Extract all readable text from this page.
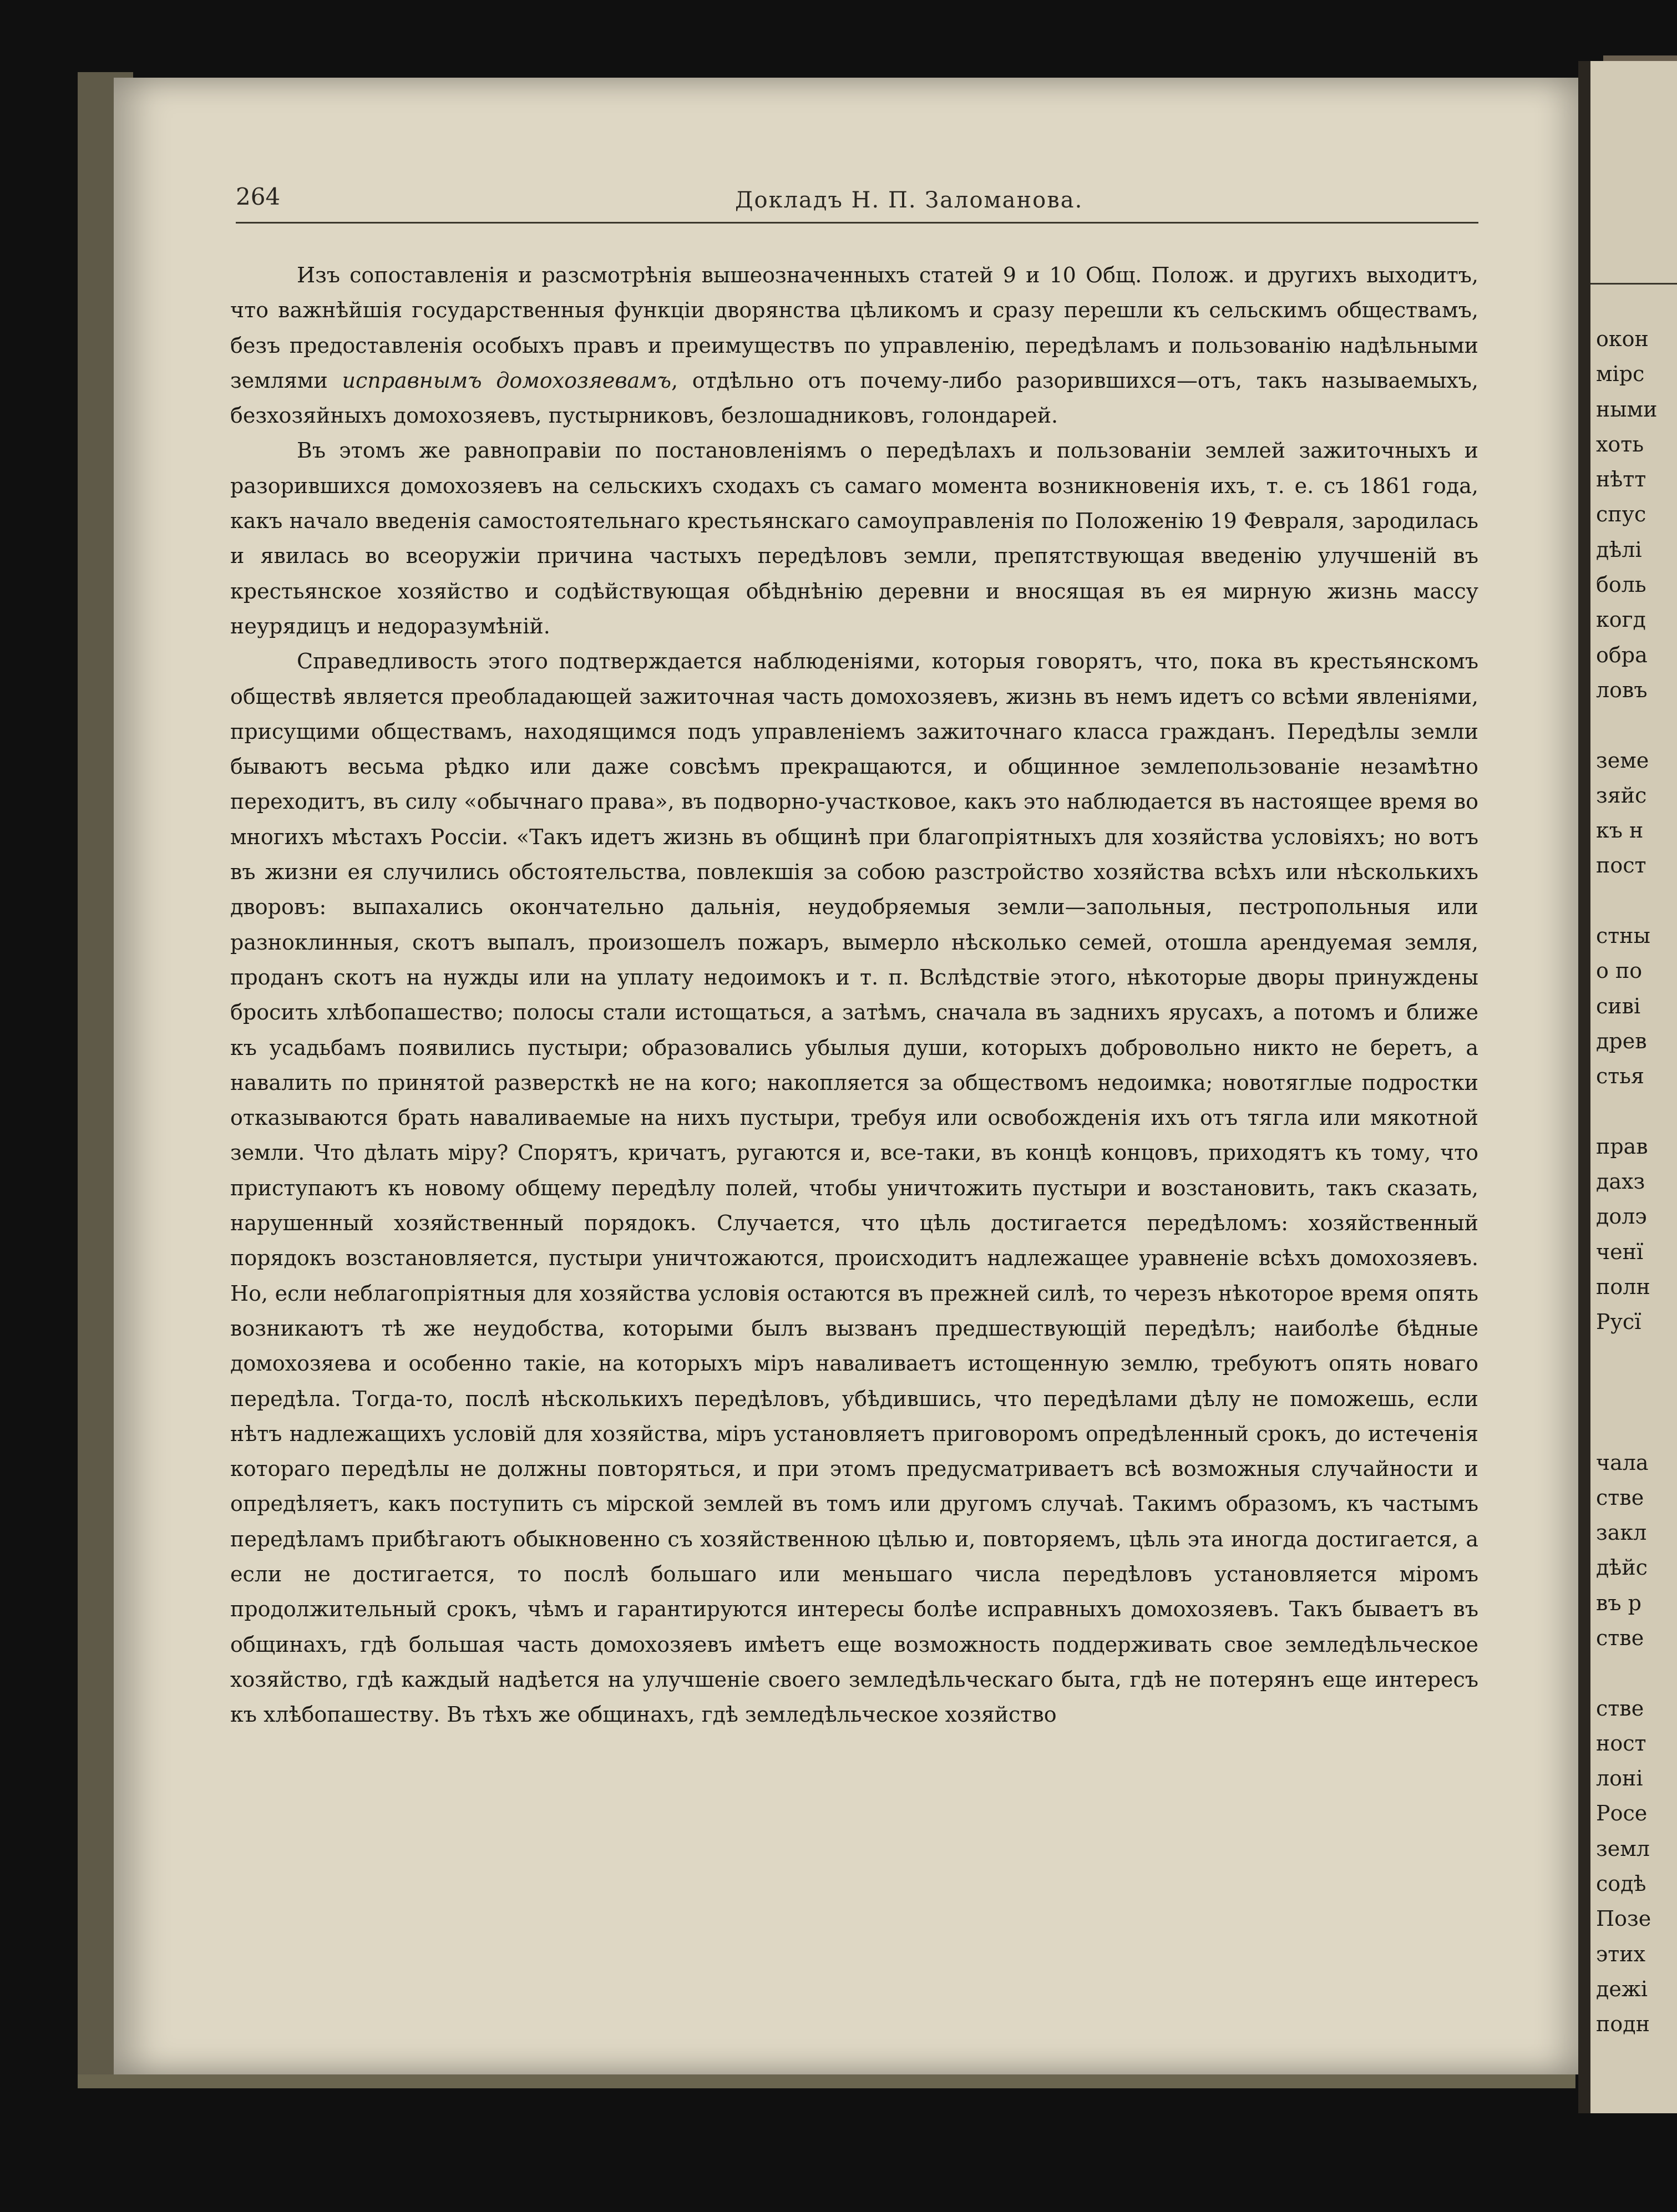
264	Докладъ Н. П. Заломанова.

Изъ сопоставленія и разсмотрѣнія вышеозначенныхъ статей 9 и 10 Общ. Полож. и другихъ выходитъ, что важнѣйшія государственныя функціи дворянства цѣликомъ и сразу перешли къ сельскимъ обществамъ, безъ предоставленія особыхъ правъ и преимуществъ по управленію, передѣламъ и пользованію надѣльными землями исправнымъ домохозяевамъ, отдѣльно отъ почему-либо разорившихся—отъ, такъ называемыхъ, безхозяйныхъ домохозяевъ, пустырниковъ, безлошадниковъ, голондарей.

Въ этомъ же равноправіи по постановленіямъ о передѣлахъ и пользованіи землей зажиточныхъ и разорившихся домохозяевъ на сельскихъ сходахъ съ самаго момента возникновенія ихъ, т. е. съ 1861 года, какъ начало введенія самостоятельнаго крестьянскаго самоуправленія по Положенію 19 Февраля, зародилась и явилась во всеоружіи причина частыхъ передѣловъ земли, препятствующая введенію улучшеній въ крестьянское хозяйство и содѣйствующая обѣднѣнію деревни и вносящая въ ея мирную жизнь массу неурядицъ и недоразумѣній.

Справедливость этого подтверждается наблюденіями, которыя говорятъ, что, пока въ крестьянскомъ обществѣ является преобладающей зажиточная часть домохозяевъ, жизнь въ немъ идетъ со всѣми явленіями, присущими обществамъ, находящимся подъ управленіемъ зажиточнаго класса гражданъ. Передѣлы земли бываютъ весьма рѣдко или даже совсѣмъ прекращаются, и общинное землепользованіе незамѣтно переходитъ, въ силу «обычнаго права», въ подворно-участковое, какъ это наблюдается въ настоящее время во многихъ мѣстахъ Россіи. «Такъ идетъ жизнь въ общинѣ при благопріятныхъ для хозяйства условіяхъ; но вотъ въ жизни ея случились обстоятельства, повлекшія за собою разстройство хозяйства всѣхъ или нѣсколькихъ дворовъ: выпахались окончательно дальнія, неудобряемыя земли—запольныя, пестропольныя или разноклинныя, скотъ выпалъ, произошелъ пожаръ, вымерло нѣсколько семей, отошла арендуемая земля, проданъ скотъ на нужды или на уплату недоимокъ и т. п. Вслѣдствіе этого, нѣкоторые дворы принуждены бросить хлѣбопашество; полосы стали истощаться, а затѣмъ, сначала въ заднихъ ярусахъ, а потомъ и ближе къ усадьбамъ появились пустыри; образовались убылыя души, которыхъ добровольно никто не беретъ, а навалить по принятой разверсткѣ не на кого; накопляется за обществомъ недоимка; новотяглые подростки отказываются брать наваливаемые на нихъ пустыри, требуя или освобожденія ихъ отъ тягла или мякотной земли. Что дѣлать міру? Спорятъ, кричатъ, ругаются и, все-таки, въ концѣ концовъ, приходятъ къ тому, что приступаютъ къ новому общему передѣлу полей, чтобы уничтожить пустыри и возстановить, такъ сказать, нарушенный хозяйственный порядокъ. Случается, что цѣль достигается передѣломъ: хозяйственный порядокъ возстановляется, пустыри уничтожаются, происходитъ надлежащее уравненіе всѣхъ домохозяевъ. Но, если неблагопріятныя для хозяйства условія остаются въ прежней силѣ, то черезъ нѣкоторое время опять возникаютъ тѣ же неудобства, которыми былъ вызванъ предшествующій передѣлъ; наиболѣе бѣдные домохозяева и особенно такіе, на которыхъ міръ наваливаетъ истощенную землю, требуютъ опять новаго передѣла. Тогда-то, послѣ нѣсколькихъ передѣловъ, убѣдившись, что передѣлами дѣлу не поможешь, если нѣтъ надлежащихъ условій для хозяйства, міръ установляетъ приговоромъ опредѣленный срокъ, до истеченія котораго передѣлы не должны повторяться, и при этомъ предусматриваетъ всѣ возможныя случайности и опредѣляетъ, какъ поступить съ мірской землей въ томъ или другомъ случаѣ. Такимъ образомъ, къ частымъ передѣламъ прибѣгаютъ обыкновенно съ хозяйственною цѣлью и, повторяемъ, цѣль эта иногда достигается, а если не достигается, то послѣ большаго или меньшаго числа передѣловъ установляется міромъ продолжительный срокъ, чѣмъ и гарантируются интересы болѣе исправныхъ домохозяевъ. Такъ бываетъ въ общинахъ, гдѣ большая часть домохозяевъ имѣетъ еще возможность поддерживать свое земледѣльческое хозяйство, гдѣ каждый надѣется на улучшеніе своего земледѣльческаго быта, гдѣ не потерянъ еще интересъ къ хлѣбопашеству. Въ тѣхъ же общинахъ, гдѣ земледѣльческое хозяйство

окон
мірс
ными
хоть
нѣтт
спус
дѣлі
боль
когд
обра
ловъ
земе
зяйс
къ н
пост
стны
о по
сиві
древ
стья
прав
дахз
долэ
ченї
полн
Русї
чала
стве
закл
дѣйс
въ р
стве
стве
ност
лоні
Росе
земл
содѣ
Позе
этих
дежі
подн
